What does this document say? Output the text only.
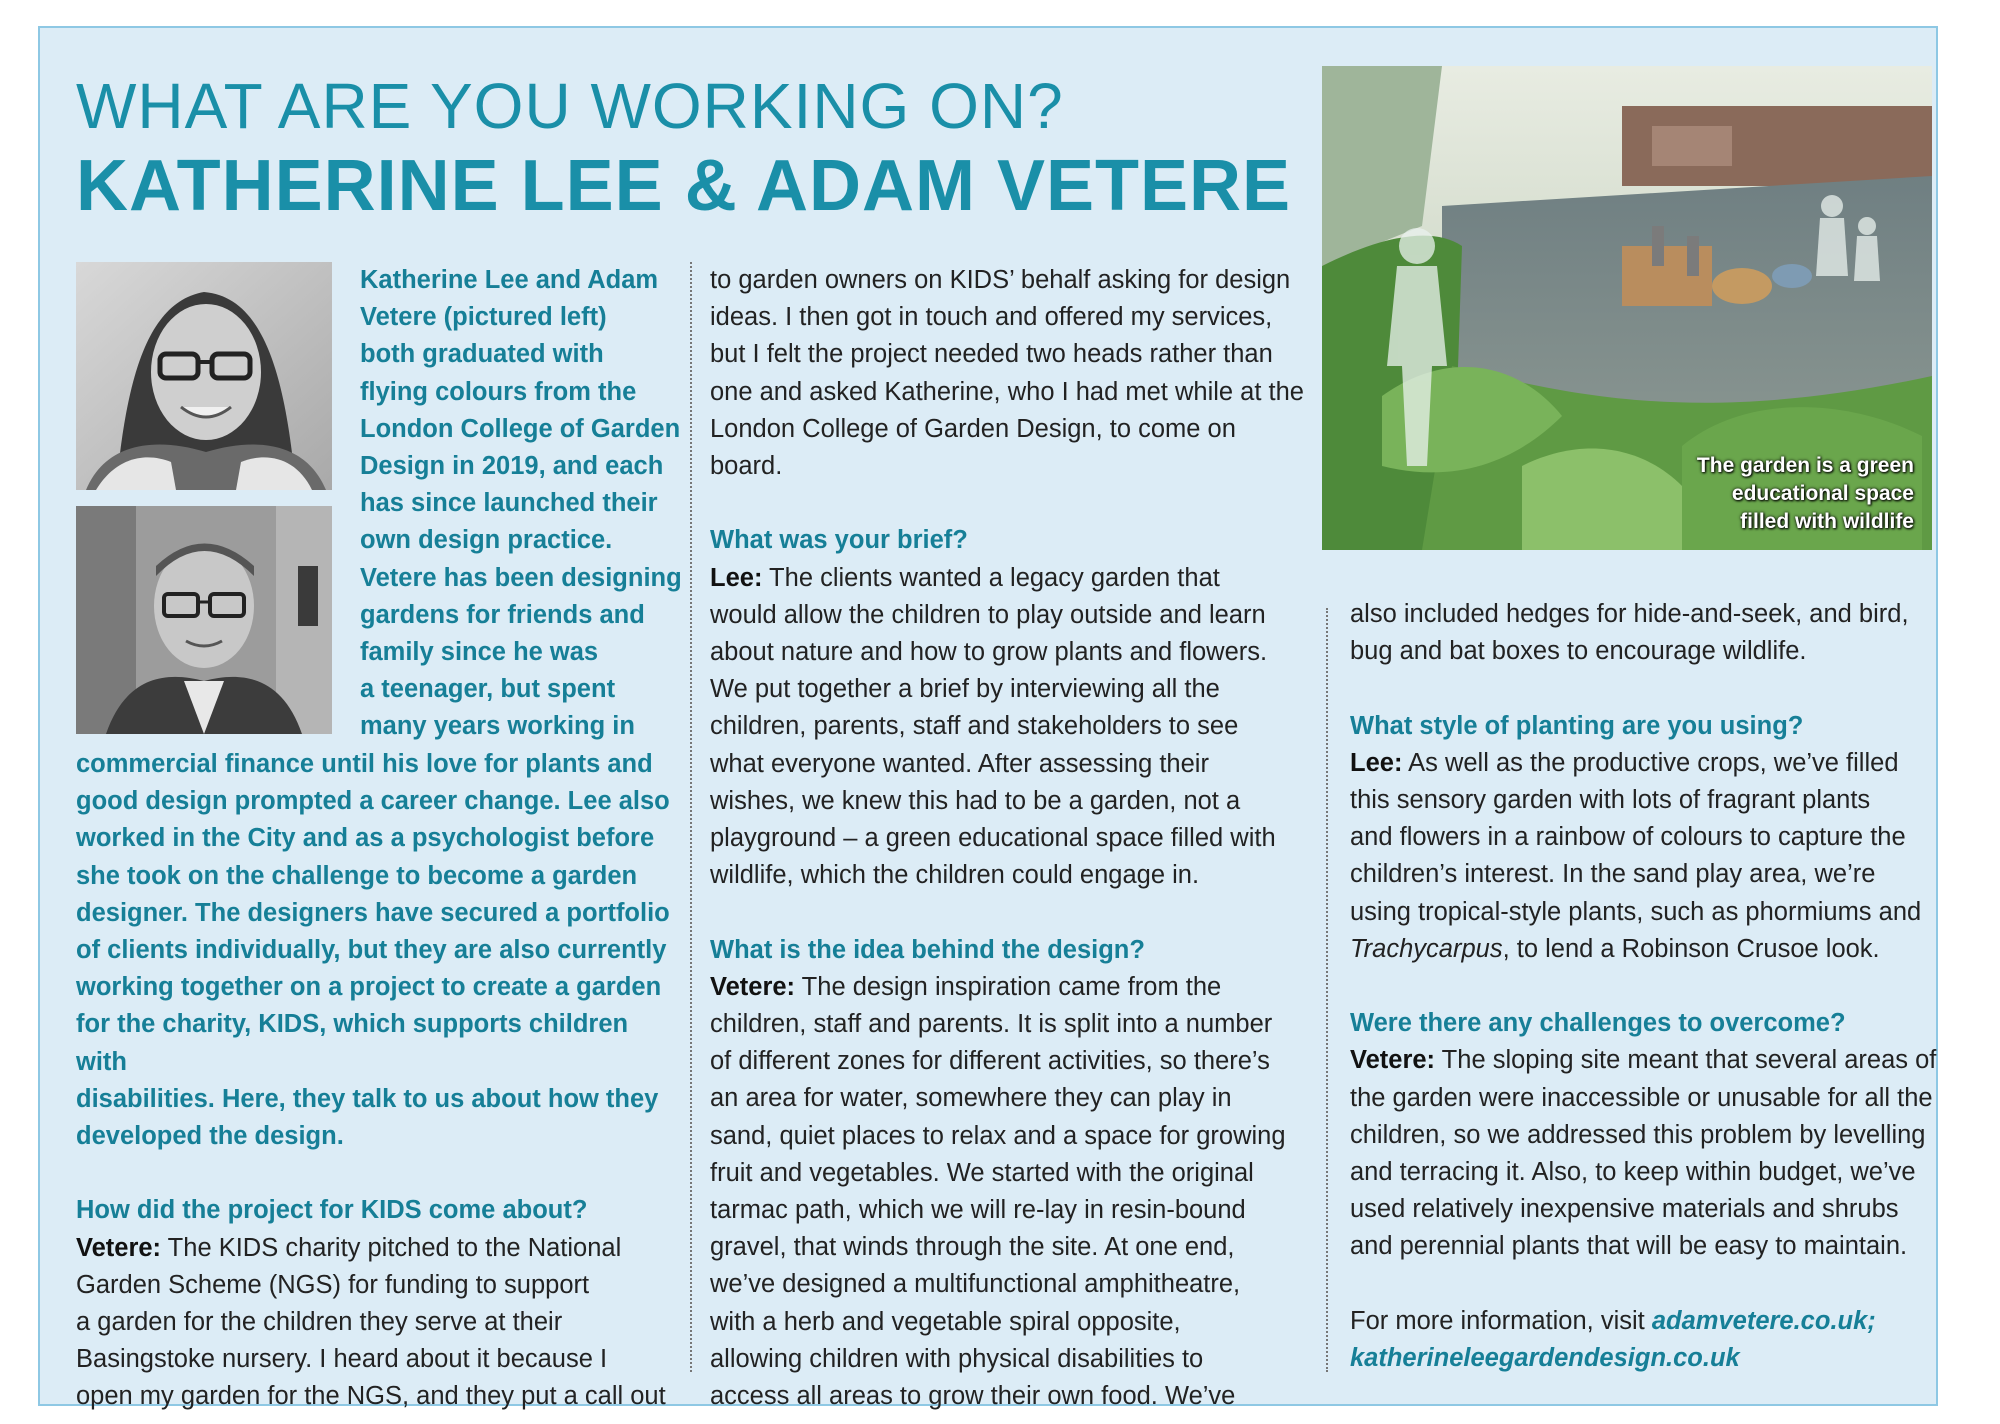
WHAT ARE YOU WORKING ON?
KATHERINE LEE & ADAM VETERE
The garden is a green
educational space
filled with wildlife
Katherine Lee and Adam
Vetere (pictured left)
both graduated with
flying colours from the
London College of Garden
Design in 2019, and each
has since launched their
own design practice.
Vetere has been designing
gardens for friends and
family since he was
a teenager, but spent
many years working in
commercial finance until his love for plants and
good design prompted a career change. Lee also
worked in the City and as a psychologist before
she took on the challenge to become a garden
designer. The designers have secured a portfolio
of clients individually, but they are also currently
working together on a project to create a garden
for the charity, KIDS, which supports children with
disabilities. Here, they talk to us about how they
developed the design.

How did the project for KIDS come about?

Vetere: The KIDS charity pitched to the National
Garden Scheme (NGS) for funding to support
a garden for the children they serve at their
Basingstoke nursery. I heard about it because I
open my garden for the NGS, and they put a call out
to garden owners on KIDS’ behalf asking for design
ideas. I then got in touch and offered my services,
but I felt the project needed two heads rather than
one and asked Katherine, who I had met while at the
London College of Garden Design, to come on board.

What was your brief?

Lee: The clients wanted a legacy garden that
would allow the children to play outside and learn
about nature and how to grow plants and flowers.
We put together a brief by interviewing all the
children, parents, staff and stakeholders to see
what everyone wanted. After assessing their
wishes, we knew this had to be a garden, not a
playground – a green educational space filled with
wildlife, which the children could engage in.

What is the idea behind the design?

Vetere: The design inspiration came from the
children, staff and parents. It is split into a number
of different zones for different activities, so there’s
an area for water, somewhere they can play in
sand, quiet places to relax and a space for growing
fruit and vegetables. We started with the original
tarmac path, which we will re-lay in resin-bound
gravel, that winds through the site. At one end,
we’ve designed a multifunctional amphitheatre,
with a herb and vegetable spiral opposite,
allowing children with physical disabilities to
access all areas to grow their own food. We’ve
also included hedges for hide-and-seek, and bird,
bug and bat boxes to encourage wildlife.

What style of planting are you using?

Lee: As well as the productive crops, we’ve filled
this sensory garden with lots of fragrant plants
and flowers in a rainbow of colours to capture the
children’s interest. In the sand play area, we’re
using tropical-style plants, such as phormiums and
Trachycarpus, to lend a Robinson Crusoe look.

Were there any challenges to overcome?

Vetere: The sloping site meant that several areas of
the garden were inaccessible or unusable for all the
children, so we addressed this problem by levelling
and terracing it. Also, to keep within budget, we’ve
used relatively inexpensive materials and shrubs
and perennial plants that will be easy to maintain.
For more information, visit adamvetere.co.uk;
katherineleegardendesign.co.uk
